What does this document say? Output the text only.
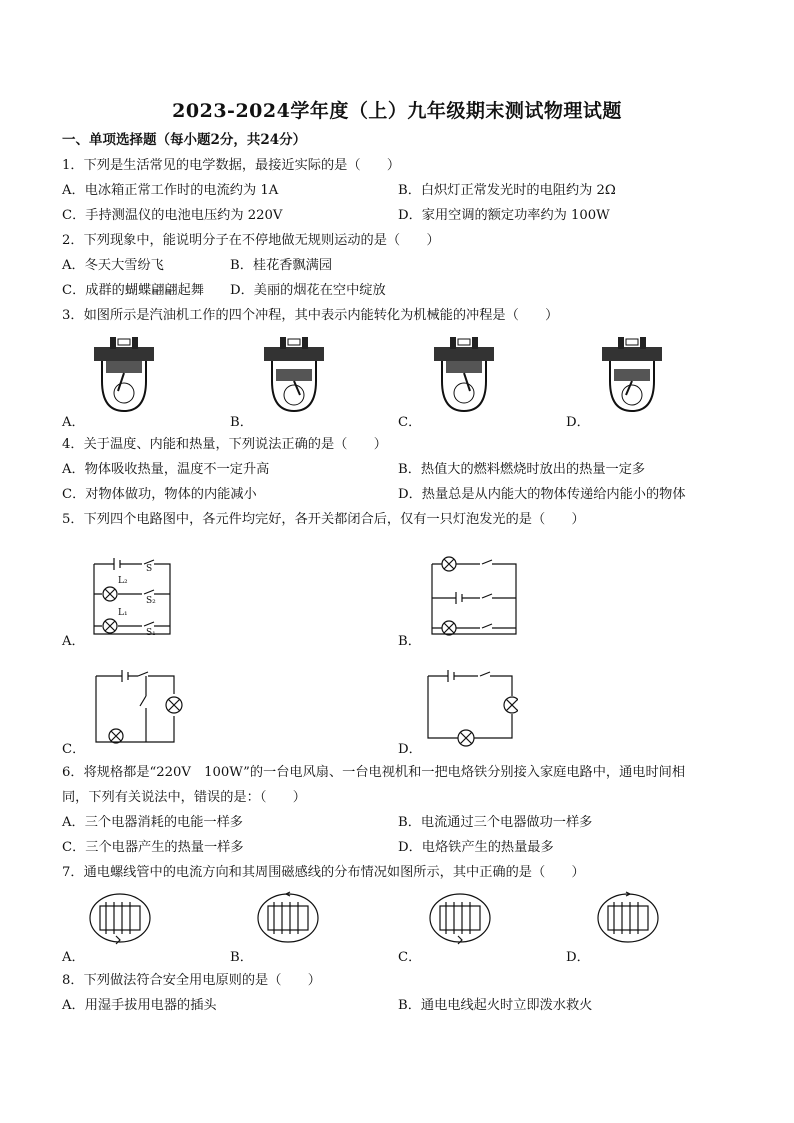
2023-2024学年度（上）九年级期末测试物理试题
一、单项选择题（每小题2分，共24分）
1．下列是生活常见的电学数据，最接近实际的是（　　）
A．电冰箱正常工作时的电流约为 1A	B．白炽灯正常发光时的电阻约为 2Ω
C．手持测温仪的电池电压约为 220V	D．家用空调的额定功率约为 100W
2．下列现象中，能说明分子在不停地做无规则运动的是（　　）
A．冬天大雪纷飞	B．桂花香飘满园
C．成群的蝴蝶翩翩起舞 D．美丽的烟花在空中绽放
3．如图所示是汽油机工作的四个冲程，其中表示内能转化为机械能的冲程是（　　）
A．	B．	C．	D．
4．关于温度、内能和热量，下列说法正确的是（　　）
A．物体吸收热量，温度不一定升高	B．热值大的燃料燃烧时放出的热量一定多
C．对物体做功，物体的内能减小	D．热量总是从内能大的物体传递给内能小的物体
5．下列四个电路图中，各元件均完好，各开关都闭合后，仅有一只灯泡发光的是（　　）
S
L₂
S₂
L₁
S₁
A．	B．
C．	D．
6．将规格都是“220V　100W”的一台电风扇、一台电视机和一把电烙铁分别接入家庭电路中，通电时间相
同，下列有关说法中，错误的是：（　　）
A．三个电器消耗的电能一样多	B．电流通过三个电器做功一样多
C．三个电器产生的热量一样多	D．电烙铁产生的热量最多
7．通电螺线管中的电流方向和其周围磁感线的分布情况如图所示，其中正确的是（　　）
A．	B．	C．	D．
8．下列做法符合安全用电原则的是（　　）
A．用湿手拔用电器的插头	B．通电电线起火时立即泼水救火
